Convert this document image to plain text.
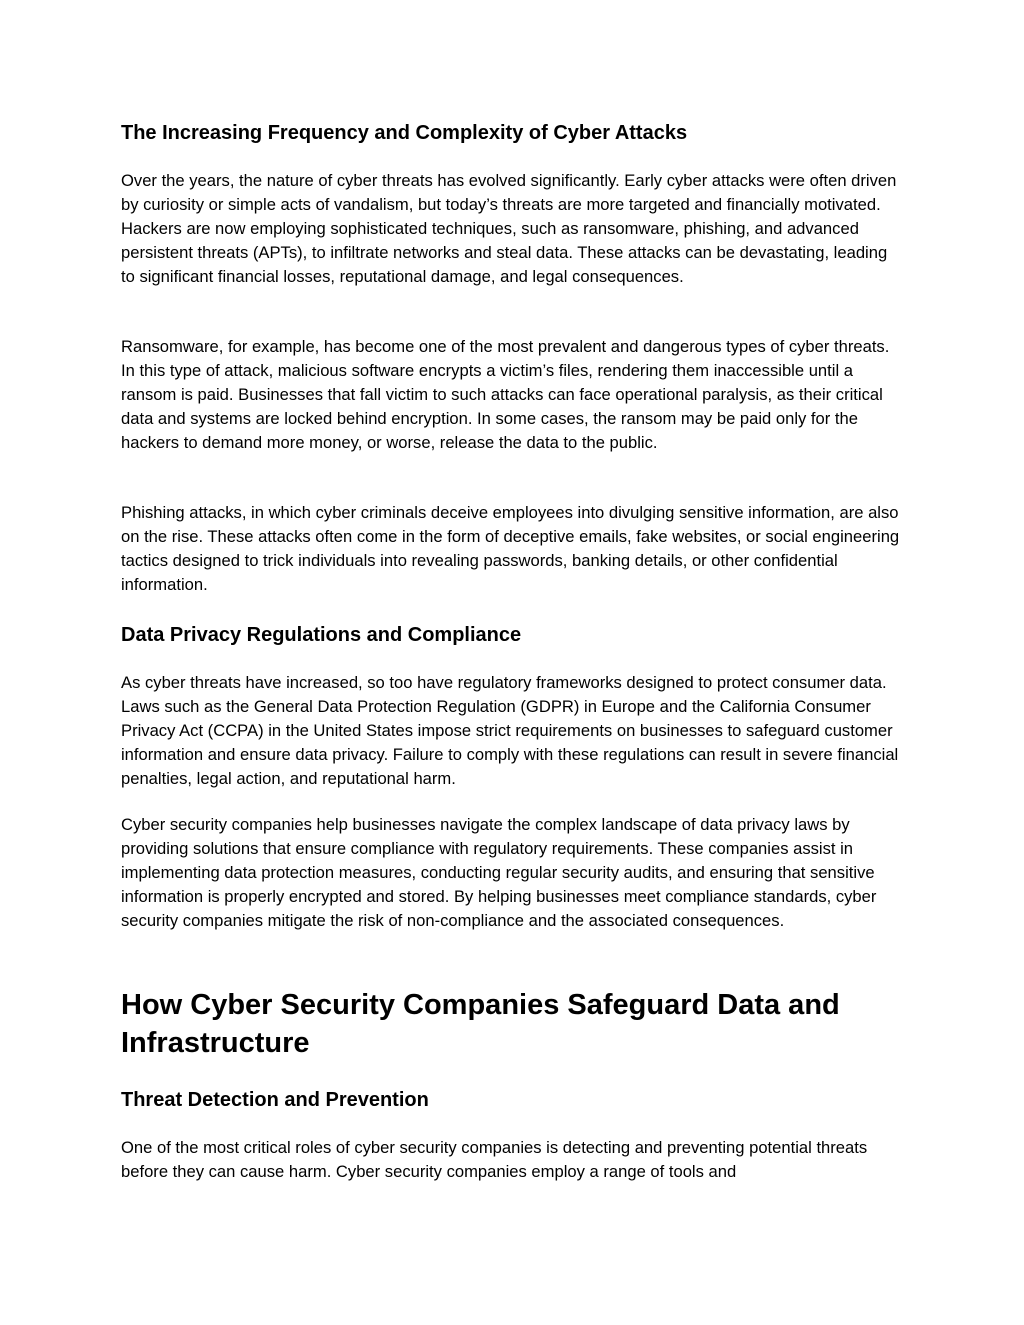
The Increasing Frequency and Complexity of Cyber Attacks

Over the years, the nature of cyber threats has evolved significantly. Early cyber attacks were often driven by curiosity or simple acts of vandalism, but today’s threats are more targeted and financially motivated. Hackers are now employing sophisticated techniques, such as ransomware, phishing, and advanced persistent threats (APTs), to infiltrate networks and steal data. These attacks can be devastating, leading to significant financial losses, reputational damage, and legal consequences.

Ransomware, for example, has become one of the most prevalent and dangerous types of cyber threats. In this type of attack, malicious software encrypts a victim’s files, rendering them inaccessible until a ransom is paid. Businesses that fall victim to such attacks can face operational paralysis, as their critical data and systems are locked behind encryption. In some cases, the ransom may be paid only for the hackers to demand more money, or worse, release the data to the public.

Phishing attacks, in which cyber criminals deceive employees into divulging sensitive information, are also on the rise. These attacks often come in the form of deceptive emails, fake websites, or social engineering tactics designed to trick individuals into revealing passwords, banking details, or other confidential information.

Data Privacy Regulations and Compliance

As cyber threats have increased, so too have regulatory frameworks designed to protect consumer data. Laws such as the General Data Protection Regulation (GDPR) in Europe and the California Consumer Privacy Act (CCPA) in the United States impose strict requirements on businesses to safeguard customer information and ensure data privacy. Failure to comply with these regulations can result in severe financial penalties, legal action, and reputational harm.

Cyber security companies help businesses navigate the complex landscape of data privacy laws by providing solutions that ensure compliance with regulatory requirements. These companies assist in implementing data protection measures, conducting regular security audits, and ensuring that sensitive information is properly encrypted and stored. By helping businesses meet compliance standards, cyber security companies mitigate the risk of non-compliance and the associated consequences.

How Cyber Security Companies Safeguard Data and Infrastructure
Threat Detection and Prevention

One of the most critical roles of cyber security companies is detecting and preventing potential threats before they can cause harm. Cyber security companies employ a range of tools and
